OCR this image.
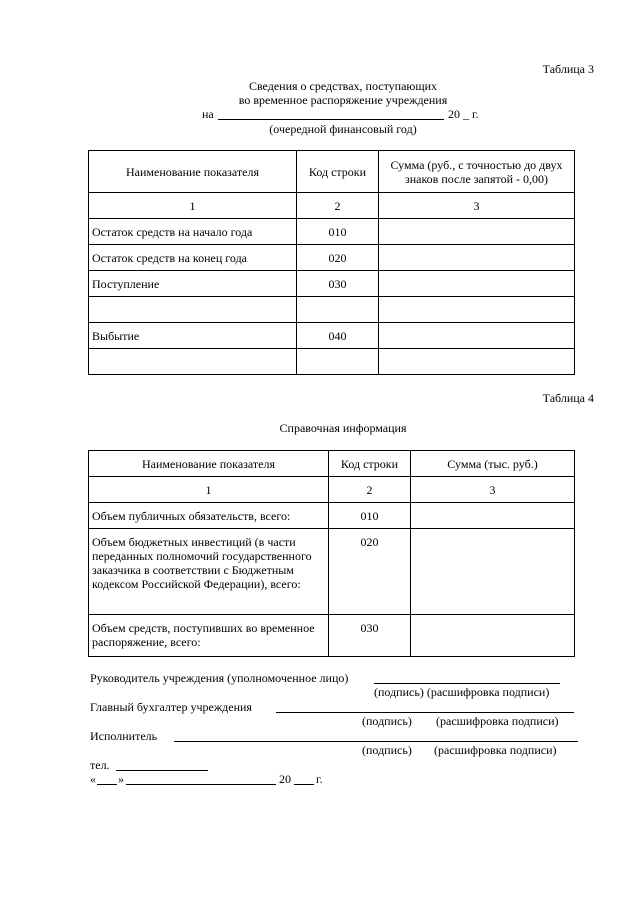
Таблица 3
Сведения о средствах, поступающих
во временное распоряжение учреждения
на	20 _ г.
(очередной финансовый год)
Наименование показателя	Код строки	Сумма (руб., с точностью до двух знаков после запятой - 0,00)
1	2	3
Остаток средств на начало года	010	
Остаток средств на конец года	020	
Поступление	030	

Выбытие	040	

Таблица 4
Справочная информация
Наименование показателя	Код строки	Сумма (тыс. руб.)
1	2	3
Объем публичных обязательств, всего:	010	
Объем бюджетных инвестиций (в части переданных полномочий государственного заказчика в соответствии с Бюджетным кодексом Российской Федерации), всего:	020	
Объем средств, поступивших во временное распоряжение, всего:	030	
Руководитель учреждения (уполномоченное лицо)
(подпись) (расшифровка подписи)
Главный бухгалтер учреждения
(подпись) (расшифровка подписи)
Исполнитель
(подпись) (расшифровка подписи)
тел.
« »	20 г.
